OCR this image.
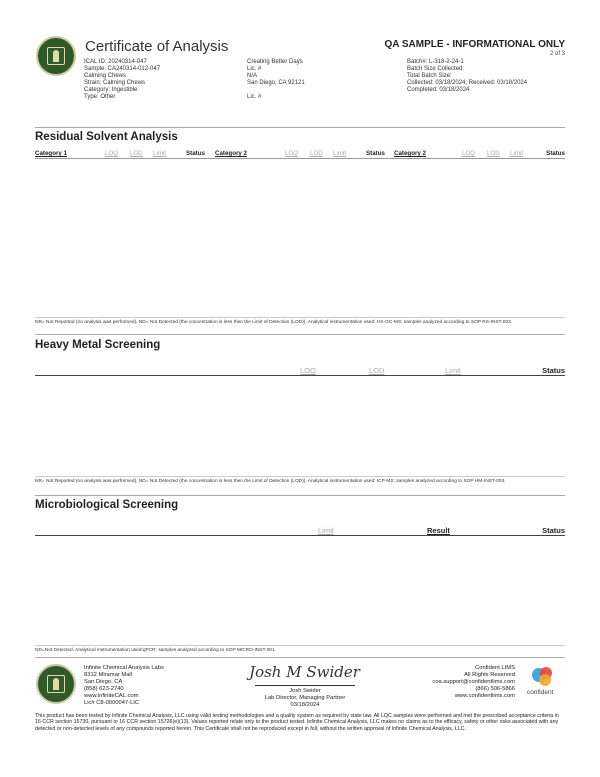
Certificate of Analysis	QA SAMPLE - INFORMATIONAL ONLY
2 of 3
ICAL ID: 20240314-047
Sample: CA240314-012-047
Calming Chews
Strain: Calming Chews
Category: Ingestible
Type: Other
Creating Better Days
Lic. #
N/A
San Diego, CA 92121
Lic. #
Batch#: L-318-2-24-1
Batch Size Collected:
Total Batch Size:
Collected: 03/18/2024; Received: 03/18/2024
Completed: 03/18/2024
Residual Solvent Analysis
Category 1	LOQ LOD Limit	Status Category 2	LOQ LOD Limit	Status Category 2	LOQ LOD Limit	Status
NR= Not Reported (no analysis was performed), ND= Not Detected (the concentration is less then the Limit of Detection (LOD)). Analytical instrumentation used: HS-GC-MS; samples analyzed according to SOP RS-INST-003.
Heavy Metal Screening
LOQ	LOD	Limit	Status
NR= Not Reported (no analysis was performed), ND= Not Detected (the concentration is less then the Limit of Detection (LOD)). Analytical instrumentation used: ICP-MS; samples analyzed according to SOP HM-INST-003.
Microbiological Screening
Limit	Result	Status
ND=Not Detected. Analytical instrumentation used:qPCR; samples analyzed according to SOP MICRO-INST-001.
Infinite Chemical Analysis Labs
8312 Miramar Mall
San Diego, CA
(858) 623-2740
www.infiniteCAL.com
Lic# C8-0000047-LIC
Josh M Swider
Josh Swider
Lab Director, Managing Partner
03/18/2024
Confident LIMS
All Rights Reserved
coa.support@confidentlims.com
(866) 506-5866
www.confidentlims.com confident
This product has been tested by Infinite Chemical Analysis, LLC using valid testing methodologies and a quality system as required by state law. All LQC samples were performed and met the prescribed acceptance criteria in 16 CCR section 15730, pursuant to 16 CCR section 15726(e)(13). Values reported relate only to the product tested. Infinite Chemical Analysis, LLC makes no claims as to the efficacy, safety or other risks associated with any detected or non-detected levels of any compounds reported herein. This Certificate shall not be reproduced except in full, without the written approval of Infinite Chemical Analysis, LLC.
